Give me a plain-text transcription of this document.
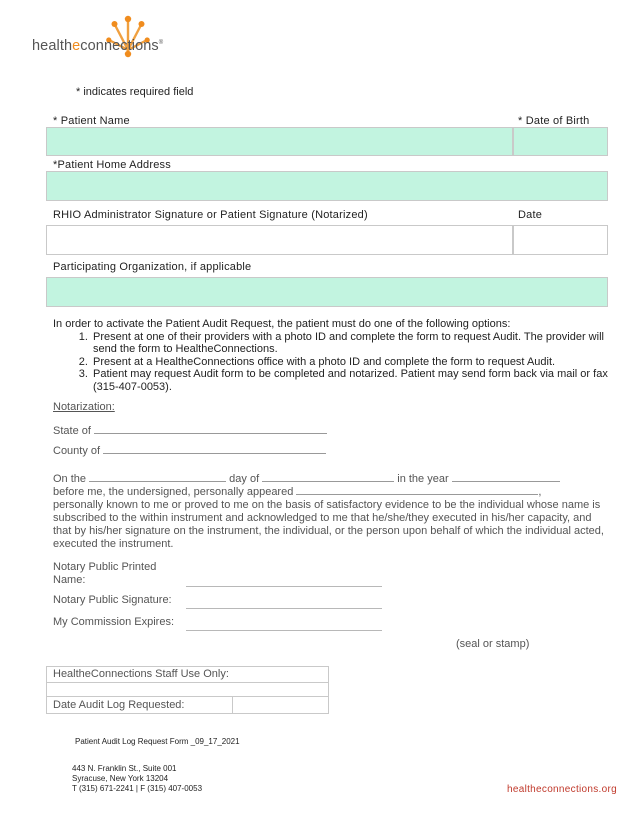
healtheconnections®
* indicates required field
* Patient Name	* Date of Birth
*Patient Home Address
RHIO Administrator Signature or Patient Signature (Notarized)	Date
Participating Organization, if applicable
In order to activate the Patient Audit Request, the patient must do one of the following options:
1. Present at one of their providers with a photo ID and complete the form to request Audit. The provider will send the form to HealtheConnections.
2. Present at a HealtheConnections office with a photo ID and complete the form to request Audit.
3. Patient may request Audit form to be completed and notarized. Patient may send form back via mail or fax (315-407-0053).
Notarization:
State of
County of
On the	day of	in the year
before me, the undersigned, personally appeared	,
personally known to me or proved to me on the basis of satisfactory evidence to be the individual whose name is subscribed to the within instrument and acknowledged to me that he/she/they executed in his/her capacity, and that by his/her signature on the instrument, the individual, or the person upon behalf of which the individual acted, executed the instrument.
Notary Public Printed Name:
Notary Public Signature:
My Commission Expires:
(seal or stamp)
HealtheConnections Staff Use Only:
Date Audit Log Requested:
Patient Audit Log Request Form _09_17_2021
443 N. Franklin St., Suite 001
Syracuse, New York 13204
T (315) 671-2241 | F (315) 407-0053	healtheconnections.org
